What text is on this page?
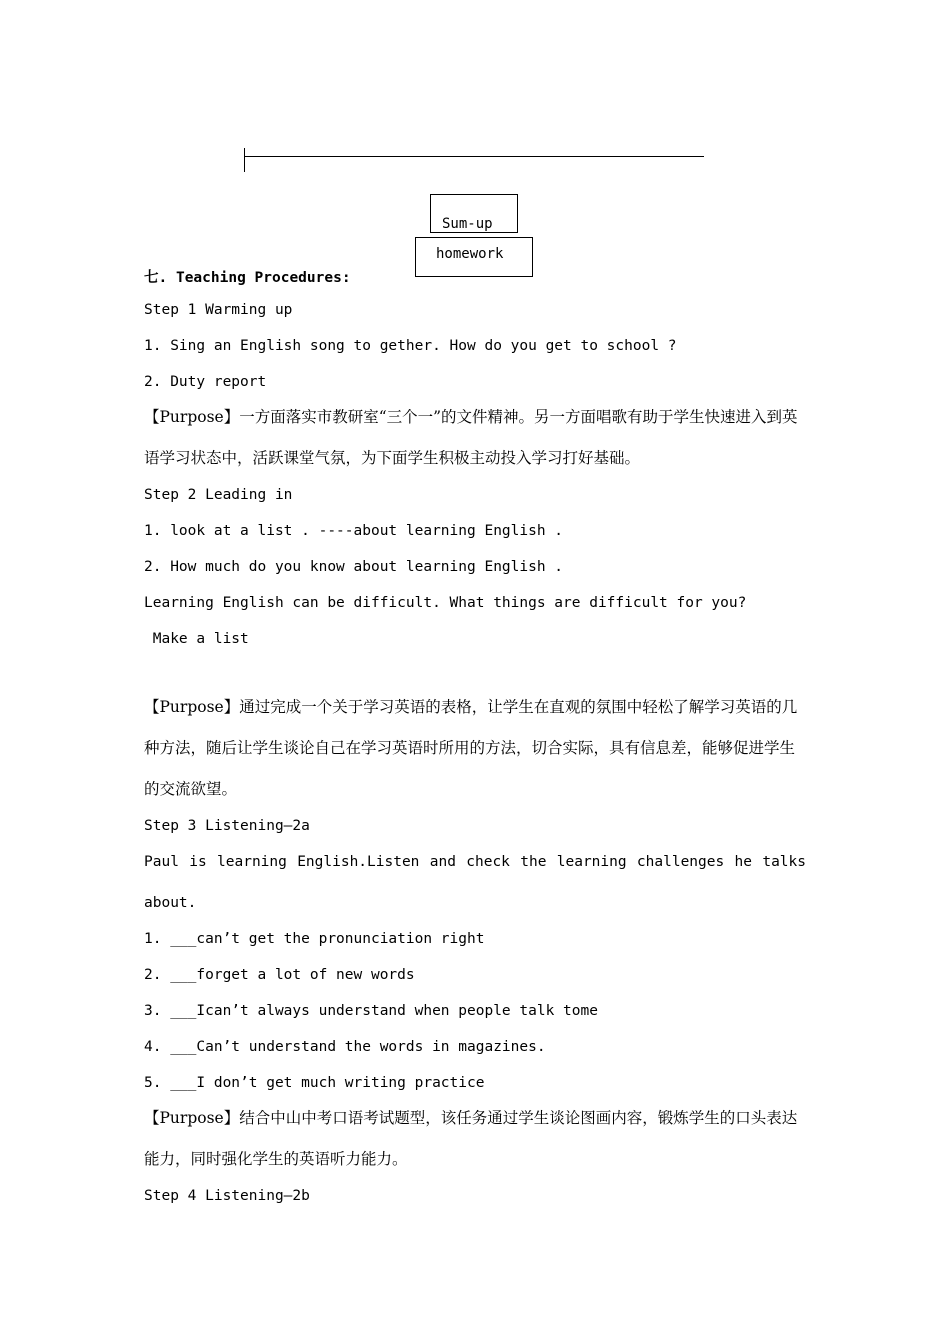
Sum-up
homework
七. Teaching Procedures:
Step 1 Warming up
1. Sing an English song to gether. How do you get to school ?
2. Duty report
【Purpose】一方面落实市教研室“三个一”的文件精神。另一方面唱歌有助于学生快速进入到英语学习状态中，活跃课堂气氛，为下面学生积极主动投入学习打好基础。
Step 2 Leading in
1. look at a list . ----about learning English .
2. How much do you know about learning English .
Learning English can be difficult. What things are difficult for you?
Make a list
【Purpose】通过完成一个关于学习英语的表格，让学生在直观的氛围中轻松了解学习英语的几种方法，随后让学生谈论自己在学习英语时所用的方法，切合实际，具有信息差，能够促进学生的交流欲望。
Step 3 Listening—2a
Paul is learning English.Listen and check the learning challenges he talks
about.
1. ___can’t get the pronunciation right
2. ___forget a lot of new words
3. ___Ican’t always understand when people talk tome
4. ___Can’t understand the words in magazines.
5. ___I don’t get much writing practice
【Purpose】结合中山中考口语考试题型，该任务通过学生谈论图画内容，锻炼学生的口头表达能力，同时强化学生的英语听力能力。
Step 4 Listening—2b
